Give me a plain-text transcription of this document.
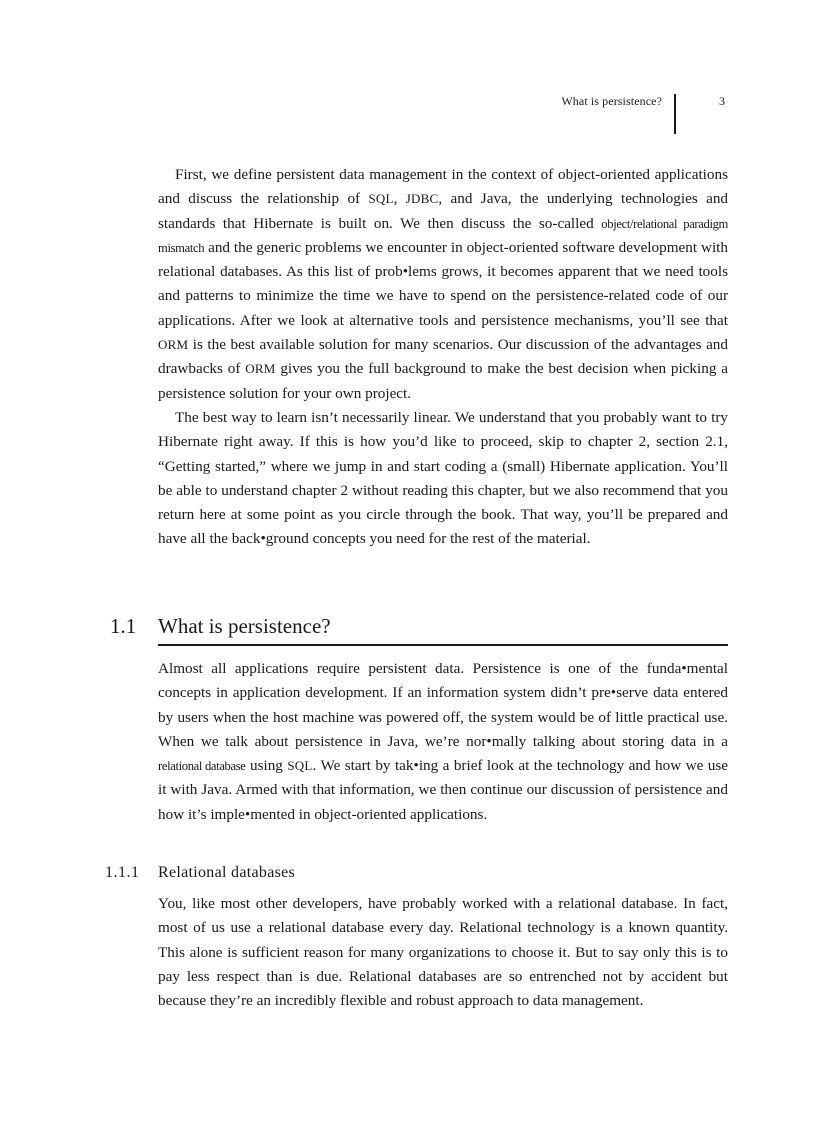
What is persistence?	3

First, we define persistent data management in the context of object-oriented applications and discuss the relationship of SQL, JDBC, and Java, the underlying technologies and standards that Hibernate is built on. We then discuss the so-called object/relational paradigm mismatch and the generic problems we encounter in object-oriented software development with relational databases. As this list of prob•lems grows, it becomes apparent that we need tools and patterns to minimize the time we have to spend on the persistence-related code of our applications. After we look at alternative tools and persistence mechanisms, you’ll see that ORM is the best available solution for many scenarios. Our discussion of the advantages and drawbacks of ORM gives you the full background to make the best decision when picking a persistence solution for your own project.

The best way to learn isn’t necessarily linear. We understand that you probably want to try Hibernate right away. If this is how you’d like to proceed, skip to chapter 2, section 2.1, “Getting started,” where we jump in and start coding a (small) Hibernate application. You’ll be able to understand chapter 2 without reading this chapter, but we also recommend that you return here at some point as you circle through the book. That way, you’ll be prepared and have all the back•ground concepts you need for the rest of the material.

1.1 What is persistence?

Almost all applications require persistent data. Persistence is one of the funda•mental concepts in application development. If an information system didn’t pre•serve data entered by users when the host machine was powered off, the system would be of little practical use. When we talk about persistence in Java, we’re nor•mally talking about storing data in a relational database using SQL. We start by tak•ing a brief look at the technology and how we use it with Java. Armed with that information, we then continue our discussion of persistence and how it’s imple•mented in object-oriented applications.

1.1.1 Relational databases

You, like most other developers, have probably worked with a relational database. In fact, most of us use a relational database every day. Relational technology is a known quantity. This alone is sufficient reason for many organizations to choose it. But to say only this is to pay less respect than is due. Relational databases are so entrenched not by accident but because they’re an incredibly flexible and robust approach to data management.
